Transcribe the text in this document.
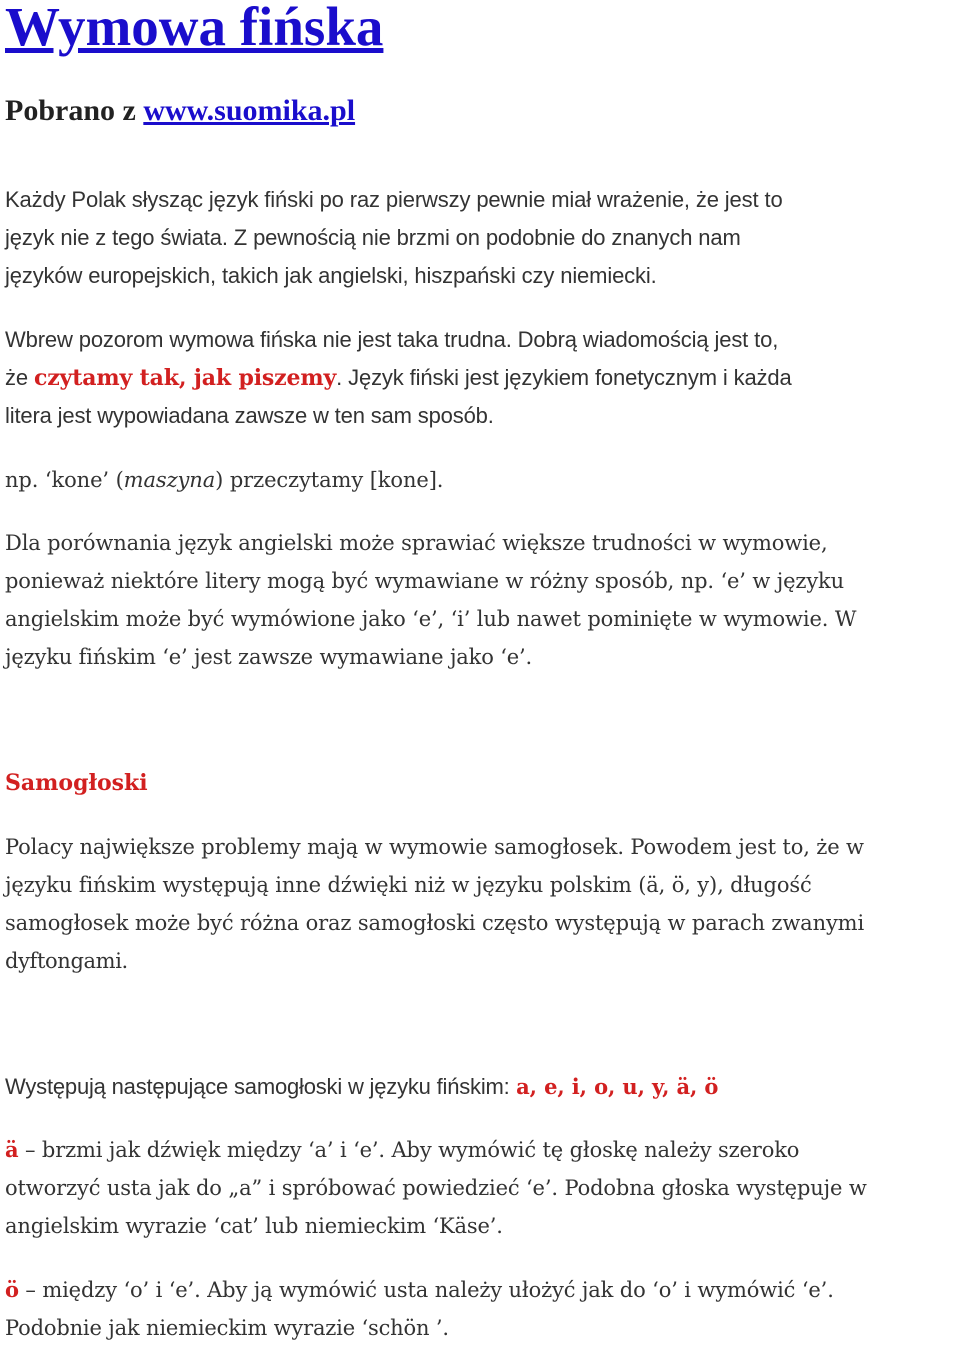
Wymowa fińska
Pobrano z www.suomika.pl
Każdy Polak słysząc język fiński po raz pierwszy pewnie miał wrażenie, że jest to
język nie z tego świata. Z pewnością nie brzmi on podobnie do znanych nam
języków europejskich, takich jak angielski, hiszpański czy niemiecki.
Wbrew pozorom wymowa fińska nie jest taka trudna. Dobrą wiadomością jest to,
że czytamy tak, jak piszemy. Język fiński jest językiem fonetycznym i każda
litera jest wypowiadana zawsze w ten sam sposób.
np. ‘kone’ (maszyna) przeczytamy [kone].
Dla porównania język angielski może sprawiać większe trudności w wymowie,
ponieważ niektóre litery mogą być wymawiane w różny sposób, np. ‘e’ w języku
angielskim może być wymówione jako ‘e’, ‘i’ lub nawet pominięte w wymowie. W
języku fińskim ‘e’ jest zawsze wymawiane jako ‘e’.
Samogłoski
Polacy największe problemy mają w wymowie samogłosek. Powodem jest to, że w
języku fińskim występują inne dźwięki niż w języku polskim (ä, ö, y), długość
samogłosek może być różna oraz samogłoski często występują w parach zwanymi
dyftongami.
Występują następujące samogłoski w języku fińskim: a, e, i, o, u, y, ä, ö
ä – brzmi jak dźwięk między ‘a’ i ‘e’. Aby wymówić tę głoskę należy szeroko
otworzyć usta jak do „a” i spróbować powiedzieć ‘e’. Podobna głoska występuje w
angielskim wyrazie ‘cat’ lub niemieckim ‘Käse’.
ö – między ‘o’ i ‘e’. Aby ją wymówić usta należy ułożyć jak do ‘o’ i wymówić ‘e’.
Podobnie jak niemieckim wyrazie ‘schön ’.
